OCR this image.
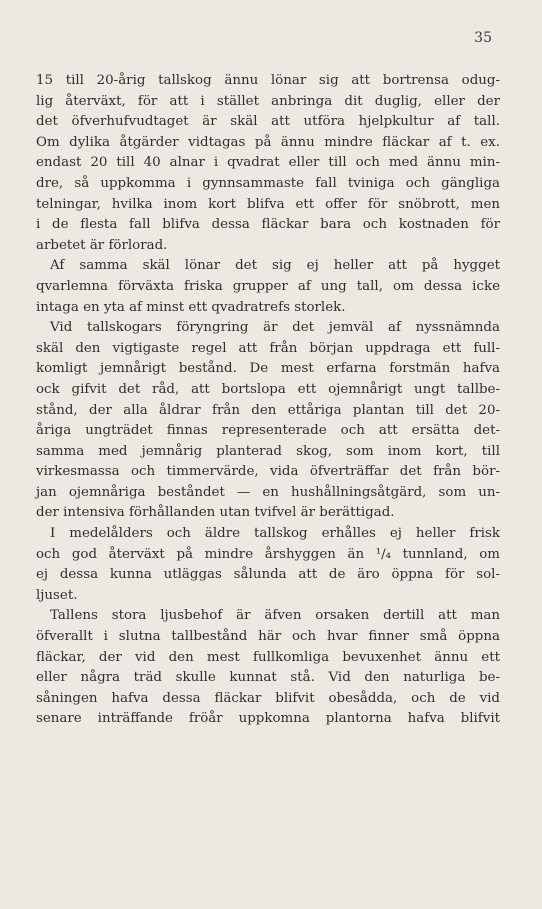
35
15 till 20-årig tallskog ännu lönar sig att bortrensa odug-
lig återväxt, för att i stället anbringa dit duglig, eller der
det öfverhufvudtaget är skäl att utföra hjelpkultur af tall.
Om dylika åtgärder vidtagas på ännu mindre fläckar af t. ex.
endast 20 till 40 alnar i qvadrat eller till och med ännu min-
dre, så uppkomma i gynnsammaste fall tviniga och gängliga
telningar, hvilka inom kort blifva ett offer för snöbrott, men
i de flesta fall blifva dessa fläckar bara och kostnaden för
arbetet är förlorad.
Af samma skäl lönar det sig ej heller att på hygget
qvarlemna förväxta friska grupper af ung tall, om dessa icke
intaga en yta af minst ett qvadratrefs storlek.
Vid tallskogars föryngring är det jemväl af nyssnämnda
skäl den vigtigaste regel att från början uppdraga ett full-
komligt jemnårigt bestånd. De mest erfarna forstmän hafva
ock gifvit det råd, att bortslopa ett ojemnårigt ungt tallbe-
stånd, der alla åldrar från den ettåriga plantan till det 20-
åriga ungträdet finnas representerade och att ersätta det-
samma med jemnårig planterad skog, som inom kort, till
virkesmassa och timmervärde, vida öfverträffar det från bör-
jan ojemnåriga beståndet — en hushållningsåtgärd, som un-
der intensiva förhållanden utan tvifvel är berättigad.
I medelålders och äldre tallskog erhålles ej heller frisk
och god återväxt på mindre årshyggen än ¹/₄ tunnland, om
ej dessa kunna utläggas sålunda att de äro öppna för sol-
ljuset.
Tallens stora ljusbehof är äfven orsaken dertill att man
öfverallt i slutna tallbestånd här och hvar finner små öppna
fläckar, der vid den mest fullkomliga bevuxenhet ännu ett
eller några träd skulle kunnat stå. Vid den naturliga be-
såningen hafva dessa fläckar blifvit obesådda, och de vid
senare inträffande fröår uppkomna plantorna hafva blifvit
